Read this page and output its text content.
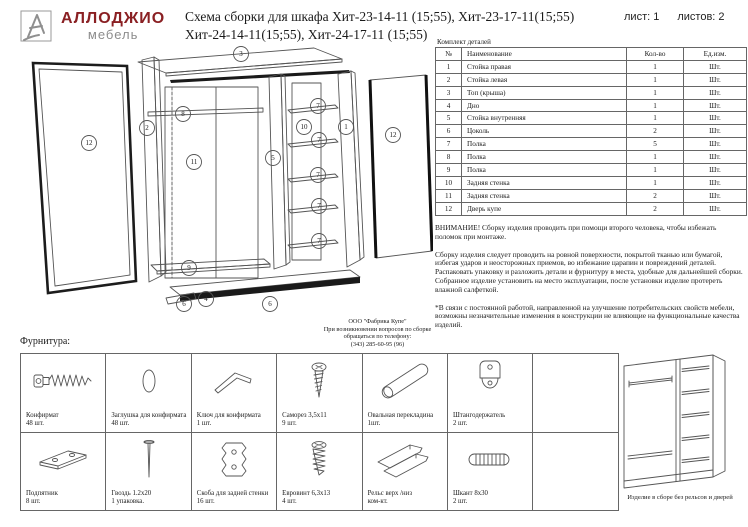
АЛЛОДЖИО
мебель
Схема сборки для шкафа Хит-23-14-11 (15;55), Хит-23-17-11(15;55)
Хит-24-14-11(15;55), Хит-24-17-11 (15;55)
лист: 1 листов: 2
Комплект деталей
№	Наименование	Кол-во	Ед.изм.
1	Стойка правая	1	Шт.
2	Стойка левая	1	Шт.
3	Топ (крыша)	1	Шт.
4	Дно	1	Шт.
5	Стойка внутренняя	1	Шт.
6	Цоколь	2	Шт.
7	Полка	5	Шт.
8	Полка	1	Шт.
9	Полка	1	Шт.
10	Задняя стенка	1	Шт.
11	Задняя стенка	2	Шт.
12	Дверь купе	2	Шт.

ВНИМАНИЕ! Сборку изделия проводить при помощи второго человека, чтобы избежать поломок при монтаже.

Сборку изделия следует проводить на ровной поверхности, покрытой тканью или бумагой, избегая ударов и неосторожных приемов, во избежание царапин и повреждений деталей.

Распаковать упаковку и разложить детали и фурнитуру в места, удобные для дальнейшей сборки.

Собранное изделие установить на место эксплуатации, после установки изделие протереть влажной салфеткой.

*В связи с постоянной работой, направленной на улучшение потребительских свойств мебели, возможны незначительные изменения в конструкции не влияющие на функциональные качества изделий.

3
12
2
8
11
9
6
4
6
5
10
7
7
7
7
7
1
12
ООО "Фабрика Купе"
При возникновении вопросов по сборке
обращаться по телефону:
(343) 285-60-95 (96)
Фурнитура:
Конфирмат
48 шт.
Заглушка для конфирмата
48 шт.
Ключ для конфирмата
1 шт.
Саморез 3,5х11
9 шт.
Овальная перекладина
1шт.
Штангодержатель
2 шт.
Подпятник
8 шт.
Гвоздь 1.2х20
1 упаковка.
Скоба для задней стенки
16 шт.
Евровинт 6,3х13
4 шт.
Рельс верх /низ
ком-кт.
Шкант 8х30
2 шт.
Изделие в сборе без рельсов и дверей
